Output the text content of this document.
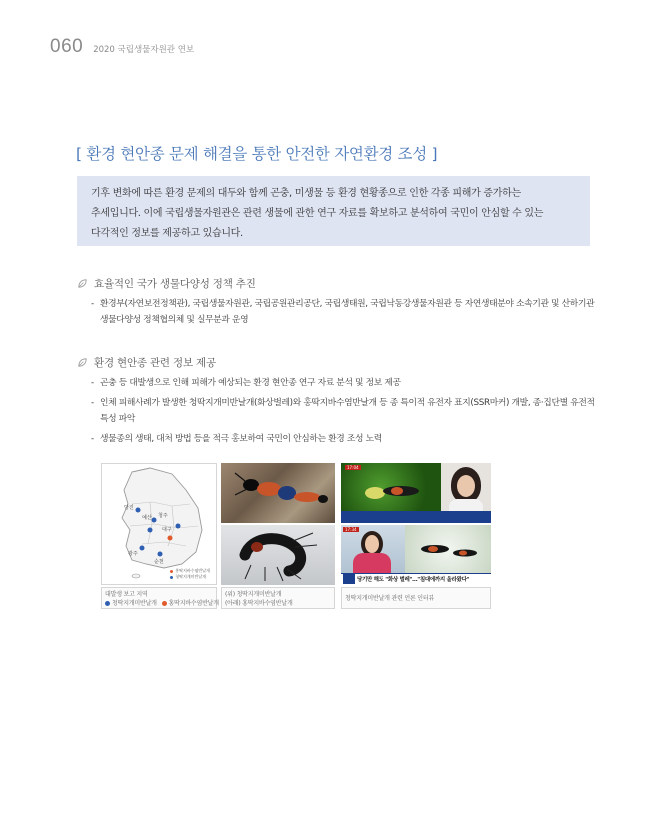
060 2020 국립생물자원관 연보
[ 환경 현안종 문제 해결을 통한 안전한 자연환경 조성 ]

기후 변화에 따른 환경 문제의 대두와 함께 곤충, 미생물 등 환경 현황종으로 인한 각종 피해가 증가하는

추세입니다. 이에 국립생물자원관은 관련 생물에 관한 연구 자료를 확보하고 분석하여 국민이 안심할 수 있는

다각적인 정보를 제공하고 있습니다.

효율적인 국가 생물다양성 정책 추진
- 환경부(자연보전정책관), 국립생물자원관, 국립공원관리공단, 국립생태원, 국립낙동강생물자원관 등 자연생태분야 소속기관 및 산하기관 생물다양성 정책협의체 및 실무분과 운영
환경 현안종 관련 정보 제공
- 곤충 등 대발생으로 인해 피해가 예상되는 환경 현안종 연구 자료 분석 및 정보 제공
- 인체 피해사례가 발생한 청딱지개미반날개(화상벌레)와 홍딱지바수염반날개 등 종 특이적 유전자 표지(SSR마커) 개발, 종·집단별 유전적 특성 파악
- 생물종의 생태, 대처 방법 등을 적극 홍보하여 국민이 안심하는 환경 조성 노력
대구
예산 청주
당진
광주
순천
홍딱지바수염반날개
청딱지개미반날개
대발생 보고 지역
청딱지개미반날개 홍딱지바수염반날개
(위) 청딱지개미반날개
(아래) 홍딱지바수염반날개
17:04
당기만 해도 "화상 벌레"…"침대에까지 올라왔다"
17:34
청딱지개미반날개 관련 언론 인터뷰
